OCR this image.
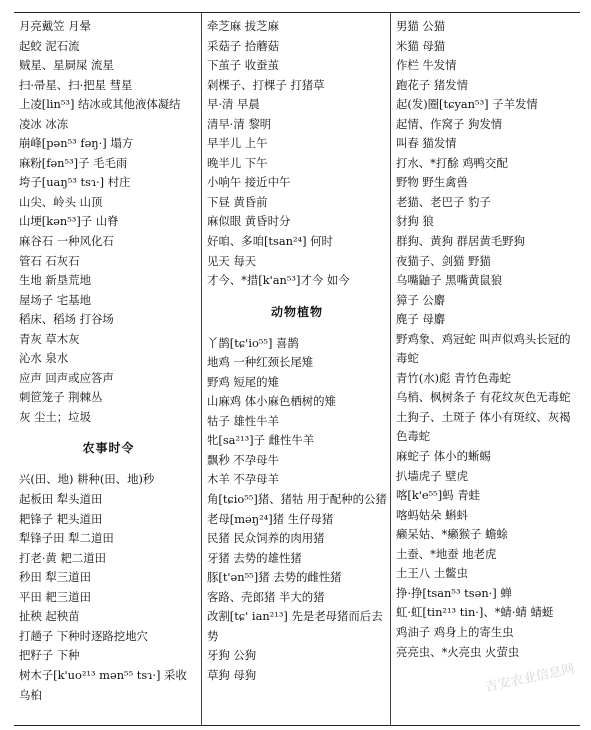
月亮戴笠 月晕

起蛟 泥石流

贼星、星屙屎 流星

扫·帚星、扫·把星 彗星

上凌[lin⁵³] 结冰或其他液体凝结

凌冰 冰冻

崩峰[pən⁵³ fəŋ·] 塌方

麻粉[fən⁵³]子 毛毛雨

垮子[uaŋ⁵³ tsɿ·] 村庄

山尖、岭头 山顶

山埂[kən⁵³]子 山脊

麻谷石 一种风化石

管石 石灰石

生地 新垦荒地

屋场子 宅基地

稻床、稻场 打谷场

青灰 草木灰

沁水 泉水

应声 回声或应答声

刺笸笼子 荆棘丛

灰 尘土；垃圾

农事时令

兴(田、地) 耕种(田、地)秒

起板田 犁头道田

耙锋子 耙头道田

犁锋子田 犁二道田

打老·黄 耙二道田

秒田 犁三道田

平田 耙三道田

扯秧 起秧苗

打趟子 下种时逐路挖地穴

把籽子 下种

树木子[k'uo²¹³ mən⁵⁵ tsɿ·] 采收乌桕

牵芝麻 拔芝麻

采菇子 拾蘑菇

下茧子 收蚕茧

剁棵子、打棵子 打猪草

早·清 早晨

清早·清 黎明

早半儿 上午

晚半儿 下午

小响午 接近中午

下昼 黄昏前

麻似眼 黄昏时分

好咱、多咱[tsan²⁴] 何时

见天 每天

才今、*措[k'an⁵³]才今 如今

动物植物

丫鹊[tɕ'io⁵⁵] 喜鹊

地鸡 一种红颈长尾雉

野鸡 短尾的雉

山麻鸡 体小麻色栖树的雉

牯子 雄性牛羊

牝[sa²¹³]子 雌性牛羊

飘秒 不孕母牛

木羊 不孕母羊

角[tɕio⁵⁵]猪、猪牯 用于配种的公猪

老母[məŋ²⁴]猪 生仔母猪

民猪 民众饲养的肉用猪

牙猪 去势的雄性猪

豚[t'ən⁵⁵]猪 去势的雌性猪

客路、壳郎猪 半大的猪

改割[tɕ' ian²¹³] 先是老母猪而后去势

牙狗 公狗

草狗 母狗

男猫 公猫

米猫 母猫

作栏 牛发情

跑花子 猪发情

起(发)圈[tɕyan⁵³] 子羊发情

起情、作窝子 狗发情

叫春 猫发情

打水、*打酴 鸡鸭交配

野物 野生禽兽

老猫、老巴子 豹子

豺狗 狼

群狗、黄狗 群居黄毛野狗

夜猫子、剑猫 野猫

乌嘴鼬子 黑嘴黄鼠狼

獐子 公麝

麂子 母麝

野鸡象、鸡冠蛇 叫声似鸡头长冠的毒蛇

青竹(水)彪 青竹色毒蛇

乌梢、枫树条子 有花纹灰色无毒蛇

土狗子、土斑子 体小有斑纹、灰褐色毒蛇

麻蛇子 体小的蜥蜴

扒墙虎子 壁虎

喀[k'e⁵⁵]蚂 青蛙

喀蚂姑朵 蝌蚪

癞呆姑、*癞猴子 蟾蜍

土蚕、*地蚕 地老虎

土王八 土鳖虫

挣·挣[tsan⁵³ tsən·] 蝉

虹·虹[tin²¹³ tin·]、*蜻·蜻 蜻蜓

鸡油子 鸡身上的寄生虫

亮亮虫、*火亮虫 火萤虫

吉安农业信息网
